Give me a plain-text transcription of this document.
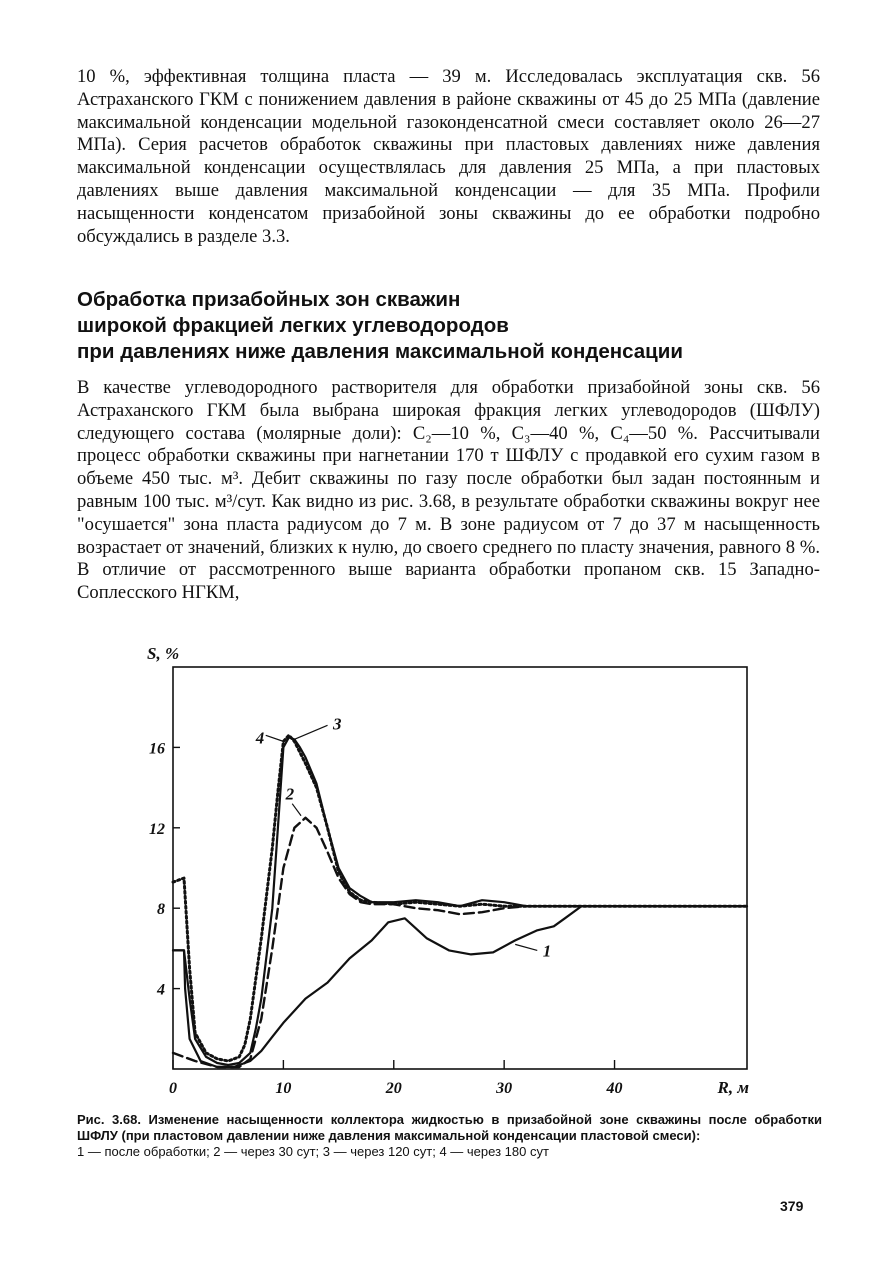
10 %, эффективная толщина пласта — 39 м. Исследовалась эксплуатация скв. 56 Астраханского ГКМ с понижением давления в районе скважины от 45 до 25 МПа (давление максимальной конденсации модельной газоконденсатной смеси составляет около 26—27 МПа). Серия расчетов обработок скважины при пластовых давлениях ниже давления максимальной конденсации осуществлялась для давления 25 МПа, а при пластовых давлениях выше давления максимальной конденсации — для 35 МПа. Профили насыщенности конденсатом призабойной зоны скважины до ее обработки подробно обсуждались в разделе 3.3.

Обработка призабойных зон скважин
широкой фракцией легких углеводородов
при давлениях ниже давления максимальной конденсации

В качестве углеводородного растворителя для обработки призабойной зоны скв. 56 Астраханского ГКМ была выбрана широкая фракция легких углеводородов (ШФЛУ) следующего состава (молярные доли): C₂—10 %, C₃—40 %, C₄—50 %. Рассчитывали процесс обработки скважины при нагнетании 170 т ШФЛУ с продавкой его сухим газом в объеме 450 тыс. м³. Дебит скважины по газу после обработки был задан постоянным и равным 100 тыс. м³/сут. Как видно из рис. 3.68, в результате обработки скважины вокруг нее "осушается" зона пласта радиусом до 7 м. В зоне радиусом от 7 до 37 м насыщенность возрастает от значений, близких к нулю, до своего среднего по пласту значения, равного 8 %. В отличие от рассмотренного выше варианта обработки пропаном скв. 15 Западно-Соплесского НГКМ,

0	10	20	30	40
4
8
12
16
S, %
R, м
1
2
3
4

Рис. 3.68. Изменение насыщенности коллектора жидкостью в призабойной зоне скважины после обработки ШФЛУ (при пластовом давлении ниже давления максимальной конденсации пластовой смеси):

1 — после обработки; 2 — через 30 сут; 3 — через 120 сут; 4 — через 180 сут

379
